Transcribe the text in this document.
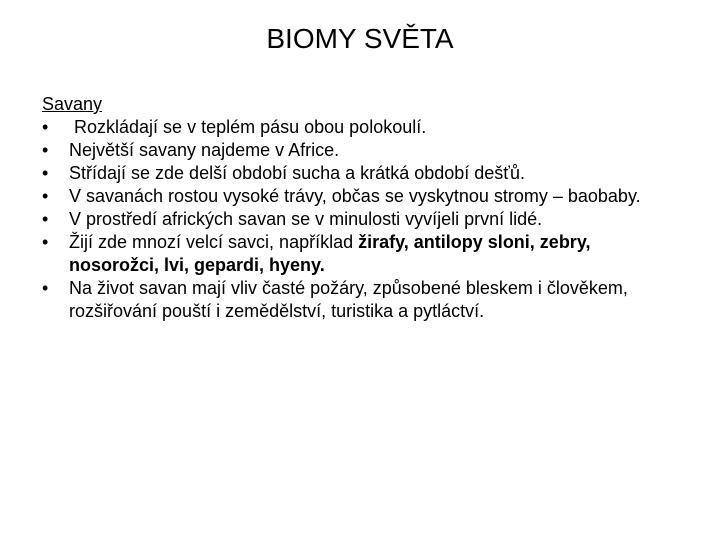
BIOMY SVĚTA

Savany

•	Rozkládají se v teplém pásu obou polokoulí.
•	Největší savany najdeme v Africe.
•	Střídají se zde delší období sucha a krátká období dešťů.
•	V savanách rostou vysoké trávy, občas se vyskytnou stromy – baobaby.
•	V prostředí afrických savan se v minulosti vyvíjeli první lidé.
•	Žijí zde mnozí velcí savci, například žirafy, antilopy sloni, zebry, nosorožci, lvi, gepardi, hyeny.
•	Na život savan mají vliv časté požáry, způsobené bleskem i člověkem, rozšiřování pouští i zemědělství, turistika a pytláctví.
